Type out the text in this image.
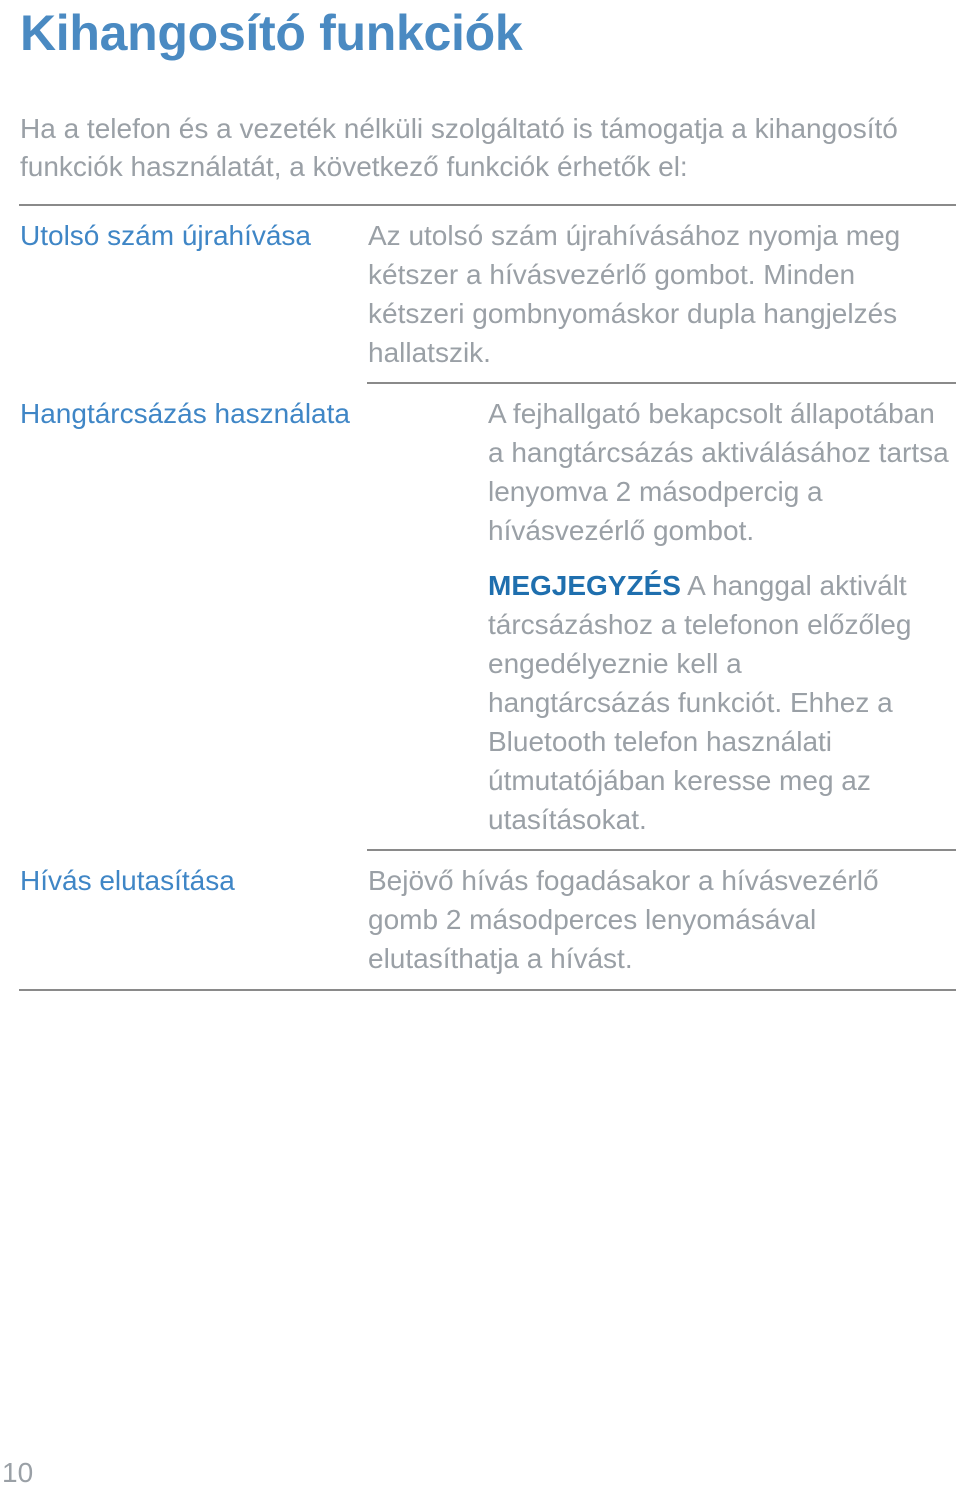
Kihangosító funkciók

Ha a telefon és a vezeték nélküli szolgáltató is támogatja a kihangosító funkciók használatát, a következő funkciók érhetők el:

Utolsó szám újrahívása	Az utolsó szám újrahívásához nyomja meg kétszer a hívásvezérlő gombot. Minden kétszeri gombnyomáskor dupla hangjelzés hallatszik.

Hangtárcsázás használata	A fejhallgató bekapcsolt állapotában a hangtárcsázás aktiválásához tartsa lenyomva 2 másodpercig a hívásvezérlő gombot.

MEGJEGYZÉS A hanggal aktivált tárcsázáshoz a telefonon előzőleg engedélyeznie kell a hangtárcsázás funkciót. Ehhez a Bluetooth telefon használati útmutatójában keresse meg az utasításokat.

Hívás elutasítása	Bejövő hívás fogadásakor a hívásvezérlő gomb 2 másodperces lenyomásával elutasíthatja a hívást.

10
